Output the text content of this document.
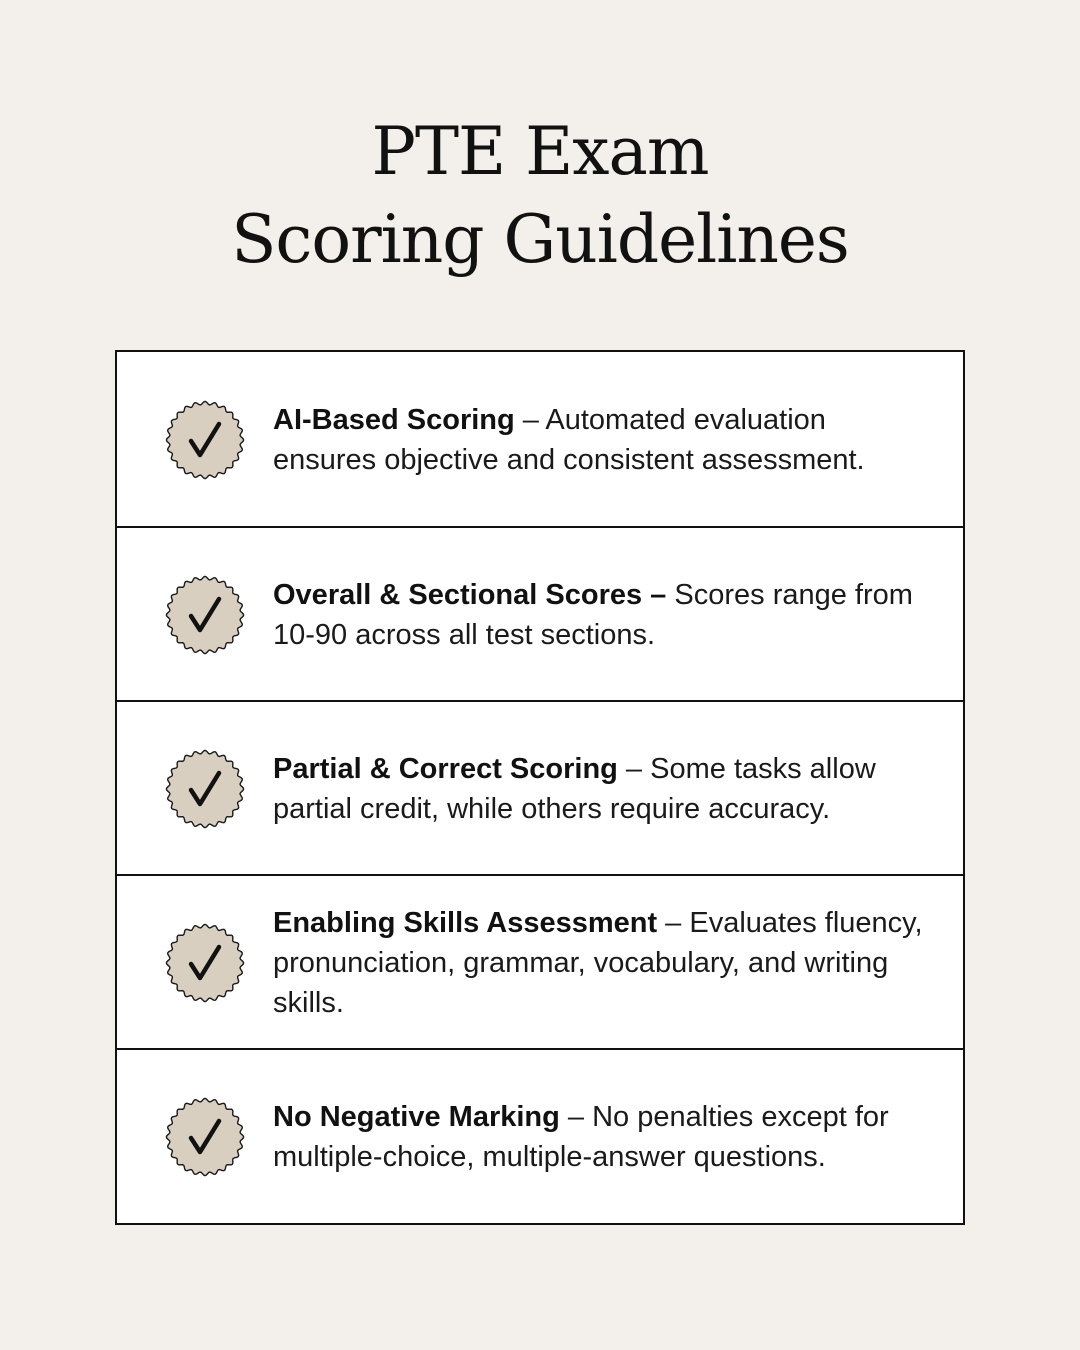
PTE Exam
Scoring Guidelines

AI-Based Scoring – Automated evaluation ensures objective and consistent assessment.

Overall & Sectional Scores – Scores range from 10-90 across all test sections.

Partial & Correct Scoring – Some tasks allow partial credit, while others require accuracy.

Enabling Skills Assessment – Evaluates fluency, pronunciation, grammar, vocabulary, and writing skills.

No Negative Marking – No penalties except for multiple-choice, multiple-answer questions.
